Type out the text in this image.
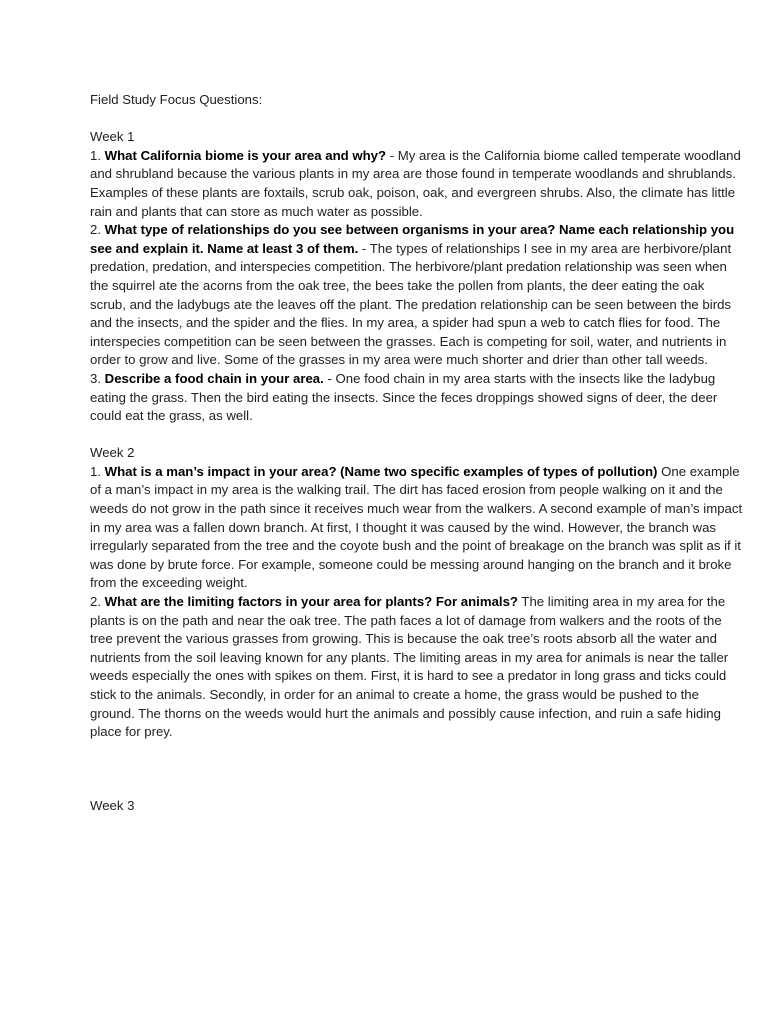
Field Study Focus Questions:

Week 1

1. What California biome is your area and why? - My area is the California biome called temperate woodland and shrubland because the various plants in my area are those found in temperate woodlands and shrublands. Examples of these plants are foxtails, scrub oak, poison, oak, and evergreen shrubs. Also, the climate has little rain and plants that can store as much water as possible.

2. What type of relationships do you see between organisms in your area? Name each relationship you see and explain it. Name at least 3 of them. - The types of relationships I see in my area are herbivore/plant predation, predation, and interspecies competition. The herbivore/plant predation relationship was seen when the squirrel ate the acorns from the oak tree, the bees take the pollen from plants, the deer eating the oak scrub, and the ladybugs ate the leaves off the plant. The predation relationship can be seen between the birds and the insects, and the spider and the flies. In my area, a spider had spun a web to catch flies for food. The interspecies competition can be seen between the grasses. Each is competing for soil, water, and nutrients in order to grow and live. Some of the grasses in my area were much shorter and drier than other tall weeds.

3. Describe a food chain in your area. - One food chain in my area starts with the insects like the ladybug eating the grass. Then the bird eating the insects. Since the feces droppings showed signs of deer, the deer could eat the grass, as well.

Week 2

1. What is a man’s impact in your area? (Name two specific examples of types of pollution) One example of a man’s impact in my area is the walking trail. The dirt has faced erosion from people walking on it and the weeds do not grow in the path since it receives much wear from the walkers. A second example of man’s impact in my area was a fallen down branch. At first, I thought it was caused by the wind. However, the branch was irregularly separated from the tree and the coyote bush and the point of breakage on the branch was split as if it was done by brute force. For example, someone could be messing around hanging on the branch and it broke from the exceeding weight.

2. What are the limiting factors in your area for plants? For animals? The limiting area in my area for the plants is on the path and near the oak tree. The path faces a lot of damage from walkers and the roots of the tree prevent the various grasses from growing. This is because the oak tree’s roots absorb all the water and nutrients from the soil leaving known for any plants. The limiting areas in my area for animals is near the taller weeds especially the ones with spikes on them. First, it is hard to see a predator in long grass and ticks could stick to the animals. Secondly, in order for an animal to create a home, the grass would be pushed to the ground. The thorns on the weeds would hurt the animals and possibly cause infection, and ruin a safe hiding place for prey.

Week 3
